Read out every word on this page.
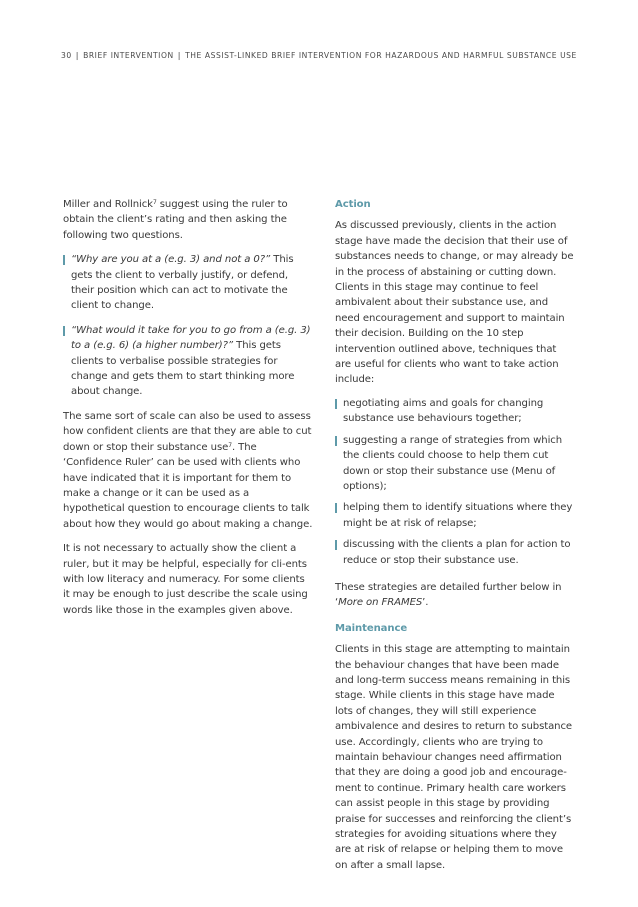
30 | BRIEF INTERVENTION | THE ASSIST-LINKED BRIEF INTERVENTION FOR HAZARDOUS AND HARMFUL SUBSTANCE USE

Miller and Rollnick$^7$ suggest using the ruler to obtain the client’s rating and then asking the following two questions.

“Why are you at a (e.g. 3) and not a 0?” This gets the client to verbally justify, or defend, their position which can act to motivate the client to change.
“What would it take for you to go from a (e.g. 3) to a (e.g. 6) (a higher number)?” This gets clients to verbalise possible strategies for change and gets them to start thinking more about change.

The same sort of scale can also be used to assess how confident clients are that they are able to cut down or stop their substance use$^7$. The ‘Confidence Ruler’ can be used with clients who have indicated that it is important for them to make a change or it can be used as a hypothetical question to encourage clients to talk about how they would go about making a change.

It is not necessary to actually show the client a ruler, but it may be helpful, especially for cli-ents with low literacy and numeracy. For some clients it may be enough to just describe the scale using words like those in the examples given above.

Action

As discussed previously, clients in the action stage have made the decision that their use of substances needs to change, or may already be in the process of abstaining or cutting down. Clients in this stage may continue to feel ambivalent about their substance use, and need encouragement and support to maintain their decision. Building on the 10 step intervention outlined above, techniques that are useful for clients who want to take action include:

negotiating aims and goals for changing substance use behaviours together;
suggesting a range of strategies from which the clients could choose to help them cut down or stop their substance use (Menu of options);
helping them to identify situations where they might be at risk of relapse;
discussing with the clients a plan for action to reduce or stop their substance use.

These strategies are detailed further below in ‘More on FRAMES’.

Maintenance

Clients in this stage are attempting to maintain the behaviour changes that have been made and long-term success means remaining in this stage. While clients in this stage have made lots of changes, they will still experience ambivalence and desires to return to substance use. Accordingly, clients who are trying to maintain behaviour changes need affirmation that they are doing a good job and encourage-ment to continue. Primary health care workers can assist people in this stage by providing praise for successes and reinforcing the client’s strategies for avoiding situations where they are at risk of relapse or helping them to move on after a small lapse.
